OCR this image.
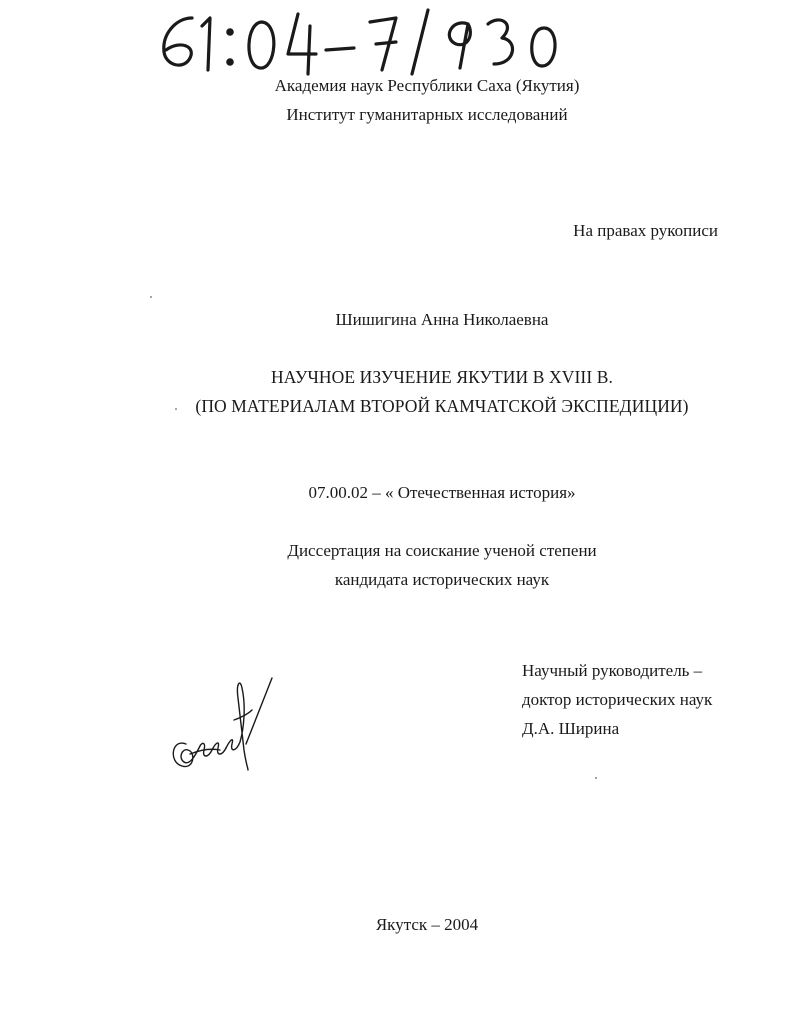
Академия наук Республики Саха (Якутия)
Институт гуманитарных исследований
На правах рукописи
Шишигина Анна Николаевна
НАУЧНОЕ ИЗУЧЕНИЕ ЯКУТИИ В XVIII В.
(ПО МАТЕРИАЛАМ ВТОРОЙ КАМЧАТСКОЙ ЭКСПЕДИЦИИ)
07.00.02 – « Отечественная история»
Диссертация на соискание ученой степени
кандидата исторических наук
Научный руководитель –
доктор исторических наук
Д.А. Ширина
Якутск – 2004
